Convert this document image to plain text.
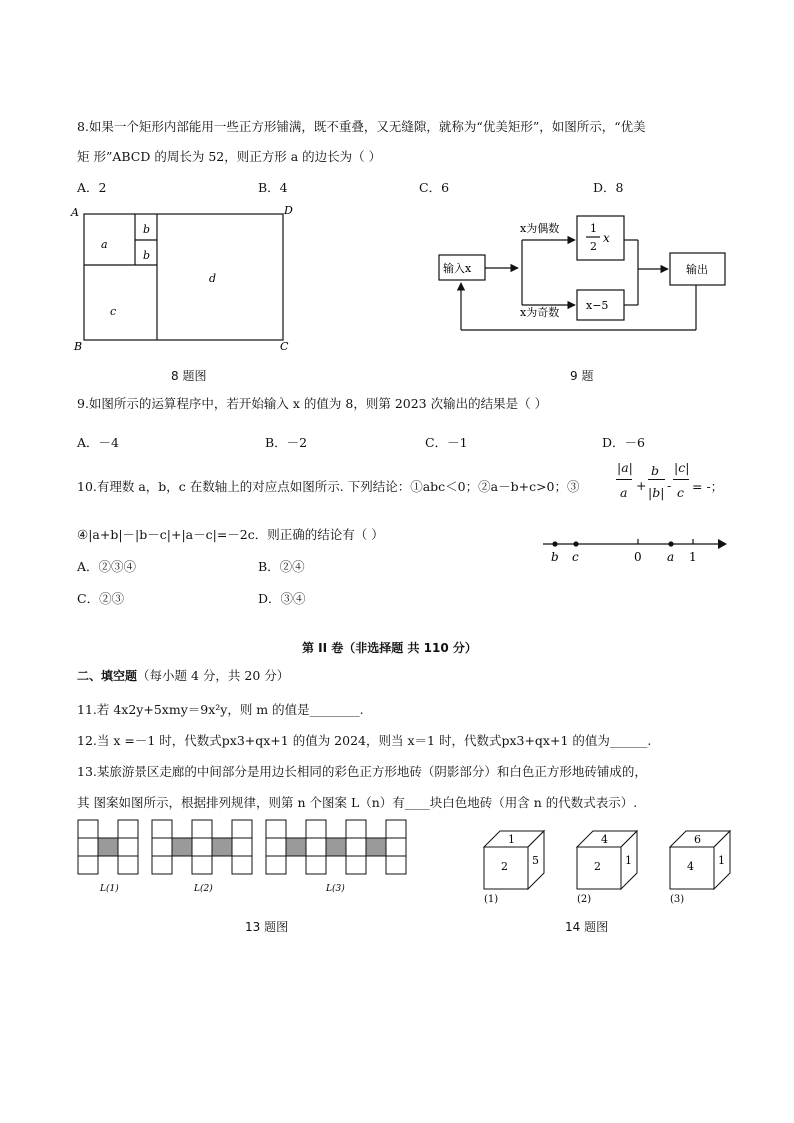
8.如果一个矩形内部能用一些正方形铺满，既不重叠，又无缝隙，就称为“优美矩形”，如图所示，“优美
矩 形”ABCD 的周长为 52，则正方形 a 的边长为（ ）
A．2	B．4	C．6	D．8
A	D
B	C
a
b
b
c
d
8 题图
输入x
x为偶数
x为奇数
1
2
x
x−5
输出
9 题
9.如图所示的运算程序中，若开始输入 x 的值为 8，则第 2023 次输出的结果是（ ）
A．－4	B．－2	C．－1	D．－6
10.有理数 a，b，c 在数轴上的对应点如图所示. 下列结论：①abc＜0；②a－b+c>0；③
|a|
a +
b
|b| -
|c|
c = -；
④|a+b|－|b－c|+|a－c|=－2c．则正确的结论有（ ）
A．②③④	B．②④
C．②③	D．③④
b c	0 a 1
第 II 卷（非选择题 共 110 分）
二、填空题（每小题 4 分，共 20 分）
11.若 4x2y+5xmy＝9x²y，则 m 的值是________.
12.当 x =－1 时，代数式px3+qx+1 的值为 2024，则当 x＝1 时，代数式px3+qx+1 的值为______.
13.某旅游景区走廊的中间部分是用边长相同的彩色正方形地砖（阴影部分）和白色正方形地砖铺成的，
其 图案如图所示，根据排列规律，则第 n 个图案 L（n）有____块白色地砖（用含 n 的代数式表示）.
L(1)	L(2)	L(3)
13 题图
1
2 5
(1)
4
2 1
(2)
6
4 1
(3)
14 题图
